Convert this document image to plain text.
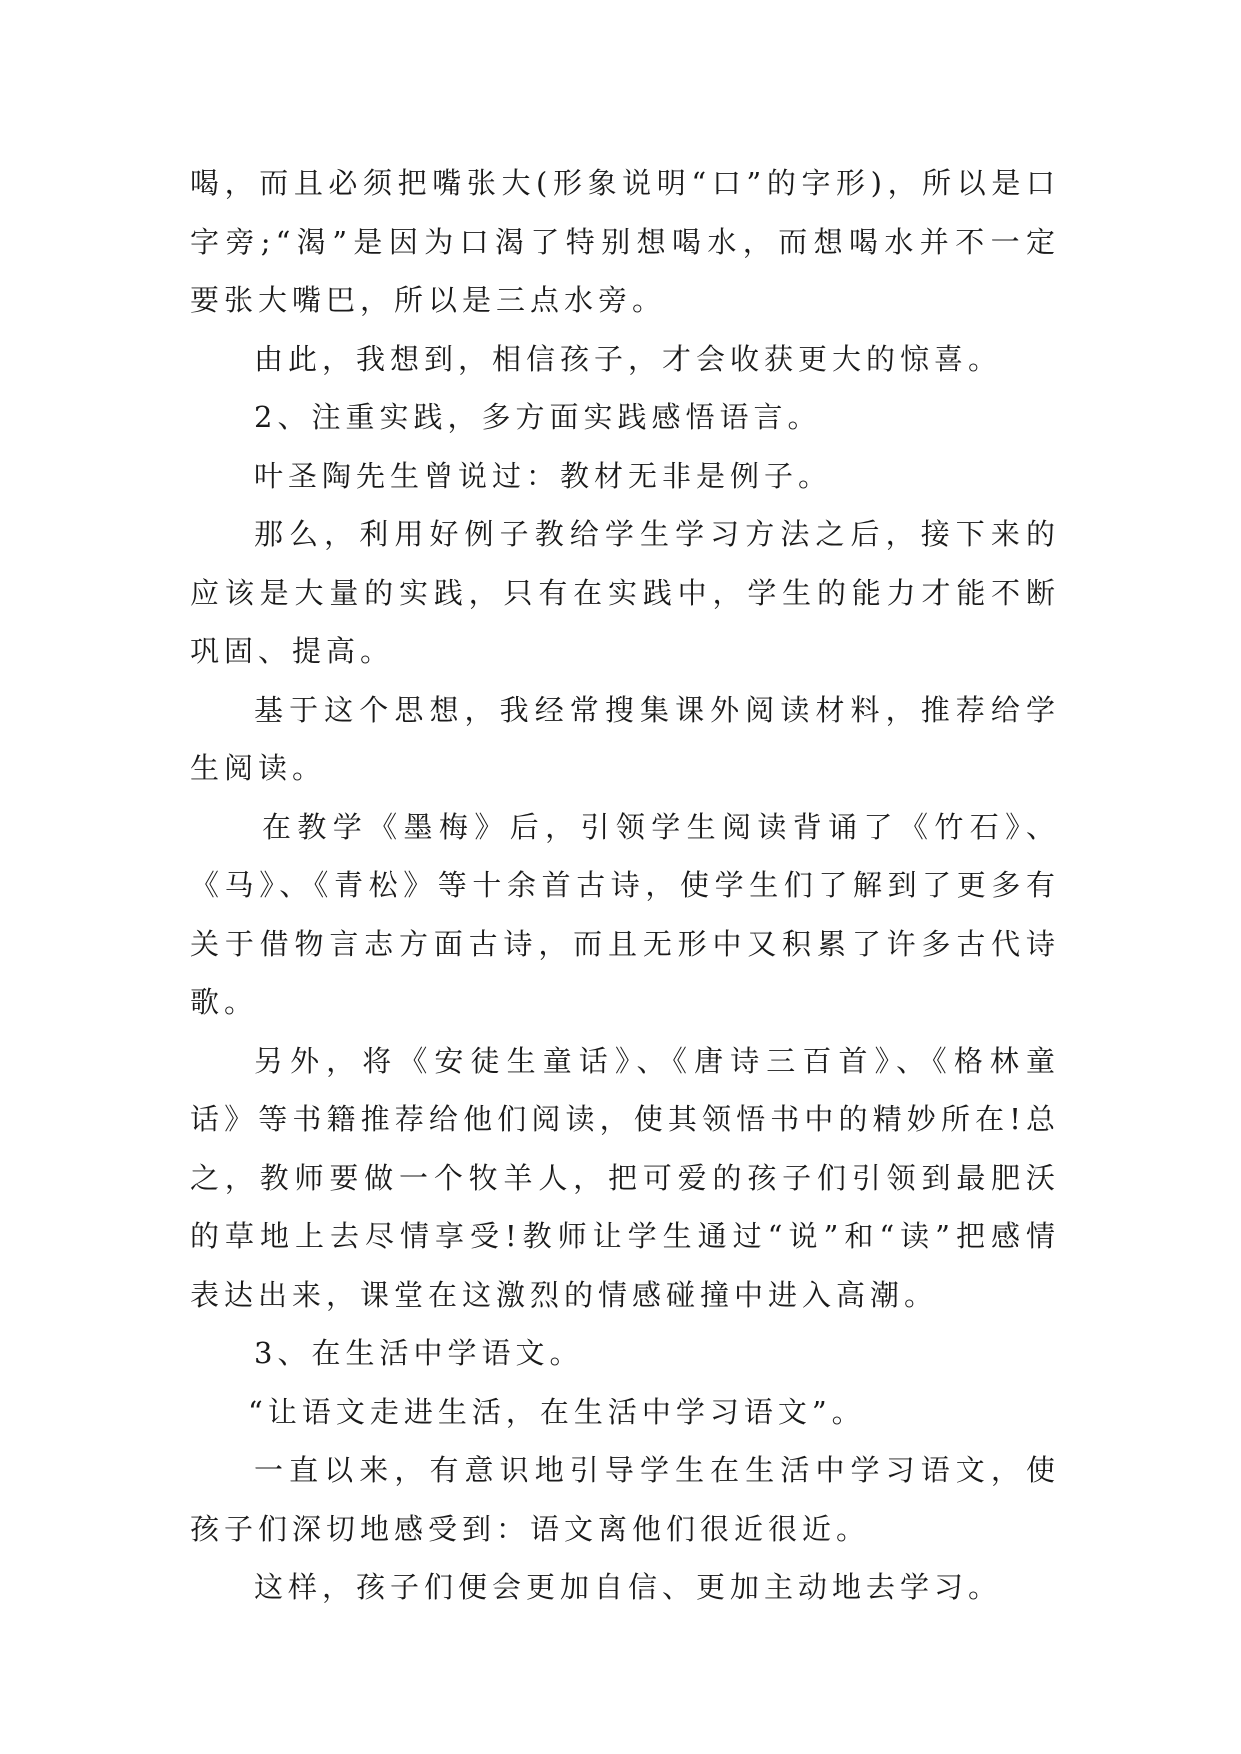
喝，而且必须把嘴张大(形象说明“口”的字形)，所以是口字旁;“渴”是因为口渴了特别想喝水，而想喝水并不一定要张大嘴巴，所以是三点水旁。

由此，我想到，相信孩子，才会收获更大的惊喜。

2、注重实践，多方面实践感悟语言。

叶圣陶先生曾说过：教材无非是例子。

那么，利用好例子教给学生学习方法之后，接下来的应该是大量的实践，只有在实践中，学生的能力才能不断巩固、提高。

基于这个思想，我经常搜集课外阅读材料，推荐给学生阅读。

在教学《墨梅》后，引领学生阅读背诵了《竹石》、《马》、《青松》等十余首古诗，使学生们了解到了更多有关于借物言志方面古诗，而且无形中又积累了许多古代诗歌。

另外，将《安徒生童话》、《唐诗三百首》、《格林童话》等书籍推荐给他们阅读，使其领悟书中的精妙所在!总之，教师要做一个牧羊人，把可爱的孩子们引领到最肥沃的草地上去尽情享受!教师让学生通过“说”和“读”把感情表达出来，课堂在这激烈的情感碰撞中进入高潮。

3、在生活中学语文。

“让语文走进生活，在生活中学习语文”。

一直以来，有意识地引导学生在生活中学习语文，使孩子们深切地感受到：语文离他们很近很近。

这样，孩子们便会更加自信、更加主动地去学习。
